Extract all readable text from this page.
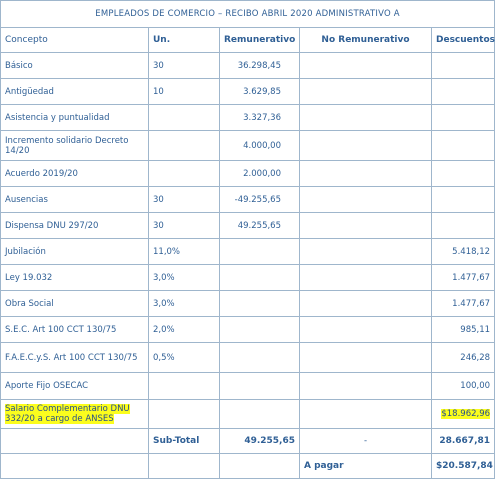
EMPLEADOS DE COMERCIO – RECIBO ABRIL 2020 ADMINISTRATIVO A				
Concepto	Un.	Remunerativo	No Remunerativo	Descuentos
Básico	30	36.298,45		
Antigüedad	10	3.629,85		
Asistencia y puntualidad		3.327,36		
Incremento solidario Decreto 14/20		4.000,00		
Acuerdo 2019/20		2.000,00		
Ausencias	30	-49.255,65		
Dispensa DNU 297/20	30	49.255,65		
Jubilación	11,0%			5.418,12
Ley 19.032	3,0%			1.477,67
Obra Social	3,0%			1.477,67
S.E.C. Art 100 CCT 130/75	2,0%			985,11
F.A.E.C.y.S. Art 100 CCT 130/75	0,5%			246,28
Aporte Fijo OSECAC				100,00
Salario Complementario DNU 332/20 a cargo de ANSES				$18.962,96
	Sub-Total	49.255,65	-	28.667,81
			A pagar	$20.587,84
